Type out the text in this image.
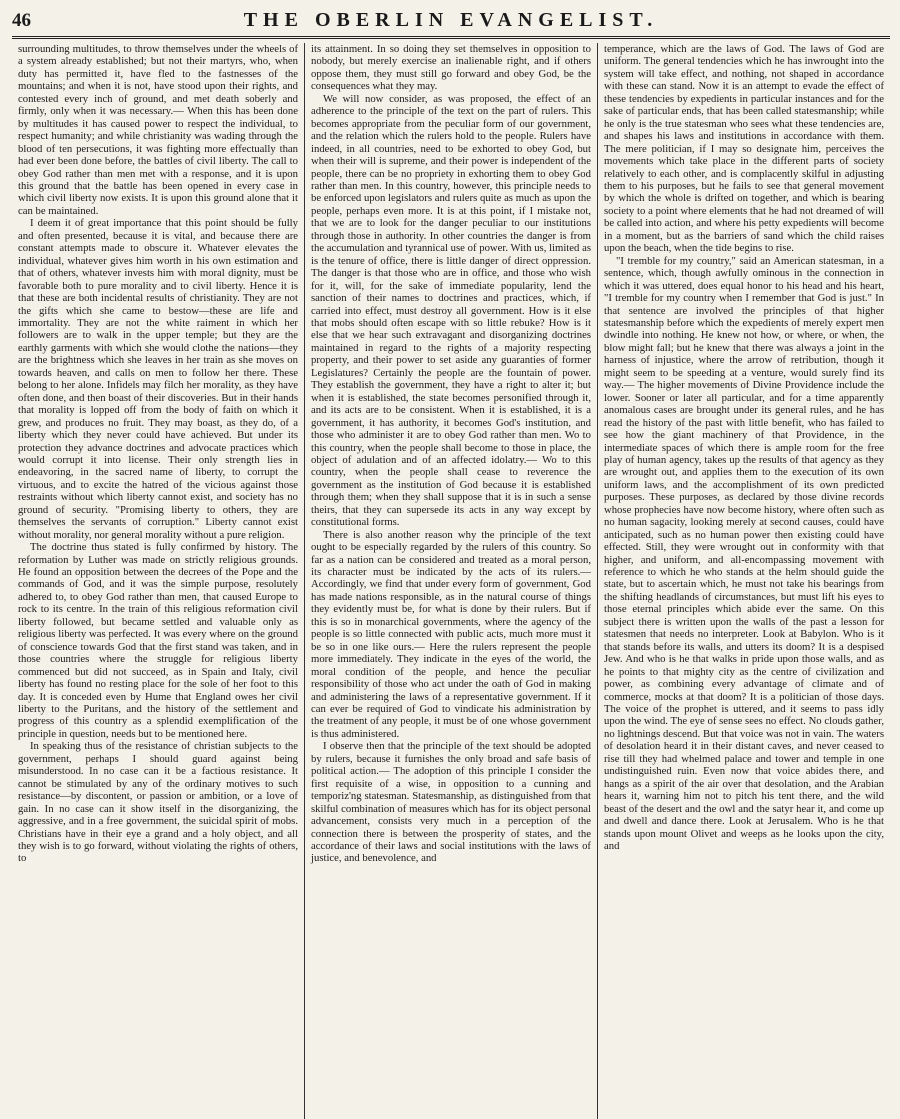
46	THE OBERLIN EVANGELIST.

surrounding multitudes, to throw themselves under the wheels of a system already established; but not their martyrs, who, when duty has permitted it, have fled to the fastnesses of the mountains; and when it is not, have stood upon their rights, and contested every inch of ground, and met death soberly and firmly, only when it was necessary.— When this has been done by multitudes it has caused power to respect the individual, to respect humanity; and while christianity was wading through the blood of ten persecutions, it was fighting more effectually than had ever been done before, the battles of civil liberty. The call to obey God rather than men met with a response, and it is upon this ground that the battle has been opened in every case in which civil liberty now exists. It is upon this ground alone that it can be maintained.

I deem it of great importance that this point should be fully and often presented, because it is vital, and because there are constant attempts made to obscure it. Whatever elevates the individual, whatever gives him worth in his own estimation and that of others, whatever invests him with moral dignity, must be favorable both to pure morality and to civil liberty. Hence it is that these are both incidental results of christianity. They are not the gifts which she came to bestow—these are life and immortality. They are not the white raiment in which her followers are to walk in the upper temple; but they are the earthly garments with which she would clothe the nations—they are the brightness which she leaves in her train as she moves on towards heaven, and calls on men to follow her there. These belong to her alone. Infidels may filch her morality, as they have often done, and then boast of their discoveries. But in their hands that morality is lopped off from the body of faith on which it grew, and produces no fruit. They may boast, as they do, of a liberty which they never could have achieved. But under its protection they advance doctrines and advocate practices which would corrupt it into license. Their only strength lies in endeavoring, in the sacred name of liberty, to corrupt the virtuous, and to excite the hatred of the vicious against those restraints without which liberty cannot exist, and society has no ground of security. "Promising liberty to others, they are themselves the servants of corruption." Liberty cannot exist without morality, nor general morality without a pure religion.

The doctrine thus stated is fully confirmed by history. The reformation by Luther was made on strictly religious grounds. He found an opposition between the decrees of the Pope and the commands of God, and it was the simple purpose, resolutely adhered to, to obey God rather than men, that caused Europe to rock to its centre. In the train of this religious reformation civil liberty followed, but became settled and valuable only as religious liberty was perfected. It was every where on the ground of conscience towards God that the first stand was taken, and in those countries where the struggle for religious liberty commenced but did not succeed, as in Spain and Italy, civil liberty has found no resting place for the sole of her foot to this day. It is conceded even by Hume that England owes her civil liberty to the Puritans, and the history of the settlement and progress of this country as a splendid exemplification of the principle in question, needs but to be mentioned here.

In speaking thus of the resistance of christian subjects to the government, perhaps I should guard against being misunderstood. In no case can it be a factious resistance. It cannot be stimulated by any of the ordinary motives to such resistance—by discontent, or passion or ambition, or a love of gain. In no case can it show itself in the disorganizing, the aggressive, and in a free government, the suicidal spirit of mobs. Christians have in their eye a grand and a holy object, and all they wish is to go forward, without violating the rights of others, to

its attainment. In so doing they set themselves in opposition to nobody, but merely exercise an inalienable right, and if others oppose them, they must still go forward and obey God, be the consequences what they may.

We will now consider, as was proposed, the effect of an adherence to the principle of the text on the part of rulers. This becomes appropriate from the peculiar form of our government, and the relation which the rulers hold to the people. Rulers have indeed, in all countries, need to be exhorted to obey God, but when their will is supreme, and their power is independent of the people, there can be no propriety in exhorting them to obey God rather than men. In this country, however, this principle needs to be enforced upon legislators and rulers quite as much as upon the people, perhaps even more. It is at this point, if I mistake not, that we are to look for the danger peculiar to our institutions through those in authority. In other countries the danger is from the accumulation and tyrannical use of power. With us, limited as is the tenure of office, there is little danger of direct oppression. The danger is that those who are in office, and those who wish for it, will, for the sake of immediate popularity, lend the sanction of their names to doctrines and practices, which, if carried into effect, must destroy all government. How is it else that mobs should often escape with so little rebuke? How is it else that we hear such extravagant and disorganizing doctrines maintained in regard to the rights of a majority respecting property, and their power to set aside any guaranties of former Legislatures? Certainly the people are the fountain of power. They establish the government, they have a right to alter it; but when it is established, the state becomes personified through it, and its acts are to be consistent. When it is established, it is a government, it has authority, it becomes God's institution, and those who administer it are to obey God rather than men. Wo to this country, when the people shall become to those in place, the object of adulation and of an affected idolatry.— Wo to this country, when the people shall cease to reverence the government as the institution of God because it is established through them; when they shall suppose that it is in such a sense theirs, that they can supersede its acts in any way except by constitutional forms.

There is also another reason why the principle of the text ought to be especially regarded by the rulers of this country. So far as a nation can be considered and treated as a moral person, its character must be indicated by the acts of its rulers.— Accordingly, we find that under every form of government, God has made nations responsible, as in the natural course of things they evidently must be, for what is done by their rulers. But if this is so in monarchical governments, where the agency of the people is so little connected with public acts, much more must it be so in one like ours.— Here the rulers represent the people more immediately. They indicate in the eyes of the world, the moral condition of the people, and hence the peculiar responsibility of those who act under the oath of God in making and administering the laws of a representative government. If it can ever be required of God to vindicate his administration by the treatment of any people, it must be of one whose government is thus administered.

I observe then that the principle of the text should be adopted by rulers, because it furnishes the only broad and safe basis of political action.— The adoption of this principle I consider the first requisite of a wise, in opposition to a cunning and temporiz'ng statesman. Statesmanship, as distinguished from that skilful combination of measures which has for its object personal advancement, consists very much in a perception of the connection there is between the prosperity of states, and the accordance of their laws and social institutions with the laws of justice, and benevolence, and

temperance, which are the laws of God. The laws of God are uniform. The general tendencies which he has inwrought into the system will take effect, and nothing, not shaped in accordance with these can stand. Now it is an attempt to evade the effect of these tendencies by expedients in particular instances and for the sake of particular ends, that has been called statesmanship; while he only is the true statesman who sees what these tendencies are, and shapes his laws and institutions in accordance with them. The mere politician, if I may so designate him, perceives the movements which take place in the different parts of society relatively to each other, and is complacently skilful in adjusting them to his purposes, but he fails to see that general movement by which the whole is drifted on together, and which is bearing society to a point where elements that he had not dreamed of will be called into action, and where his petty expedients will become in a moment, but as the barriers of sand which the child raises upon the beach, when the tide begins to rise.

"I tremble for my country," said an American statesman, in a sentence, which, though awfully ominous in the connection in which it was uttered, does equal honor to his head and his heart, "I tremble for my country when I remember that God is just." In that sentence are involved the principles of that higher statesmanship before which the expedients of merely expert men dwindle into nothing. He knew not how, or where, or when, the blow might fall; but he knew that there was always a joint in the harness of injustice, where the arrow of retribution, though it might seem to be speeding at a venture, would surely find its way.— The higher movements of Divine Providence include the lower. Sooner or later all particular, and for a time apparently anomalous cases are brought under its general rules, and he has read the history of the past with little benefit, who has failed to see how the giant machinery of that Providence, in the intermediate spaces of which there is ample room for the free play of human agency, takes up the results of that agency as they are wrought out, and applies them to the execution of its own uniform laws, and the accomplishment of its own predicted purposes. These purposes, as declared by those divine records whose prophecies have now become history, where often such as no human sagacity, looking merely at second causes, could have anticipated, such as no human power then existing could have effected. Still, they were wrought out in conformity with that higher, and uniform, and all-encompassing movement with reference to which he who stands at the helm should guide the state, but to ascertain which, he must not take his bearings from the shifting headlands of circumstances, but must lift his eyes to those eternal principles which abide ever the same. On this subject there is written upon the walls of the past a lesson for statesmen that needs no interpreter. Look at Babylon. Who is it that stands before its walls, and utters its doom? It is a despised Jew. And who is he that walks in pride upon those walls, and as he points to that mighty city as the centre of civilization and power, as combining every advantage of climate and of commerce, mocks at that doom? It is a politician of those days. The voice of the prophet is uttered, and it seems to pass idly upon the wind. The eye of sense sees no effect. No clouds gather, no lightnings descend. But that voice was not in vain. The waters of desolation heard it in their distant caves, and never ceased to rise till they had whelmed palace and tower and temple in one undistinguished ruin. Even now that voice abides there, and hangs as a spirit of the air over that desolation, and the Arabian hears it, warning him not to pitch his tent there, and the wild beast of the desert and the owl and the satyr hear it, and come up and dwell and dance there. Look at Jerusalem. Who is he that stands upon mount Olivet and weeps as he looks upon the city, and
